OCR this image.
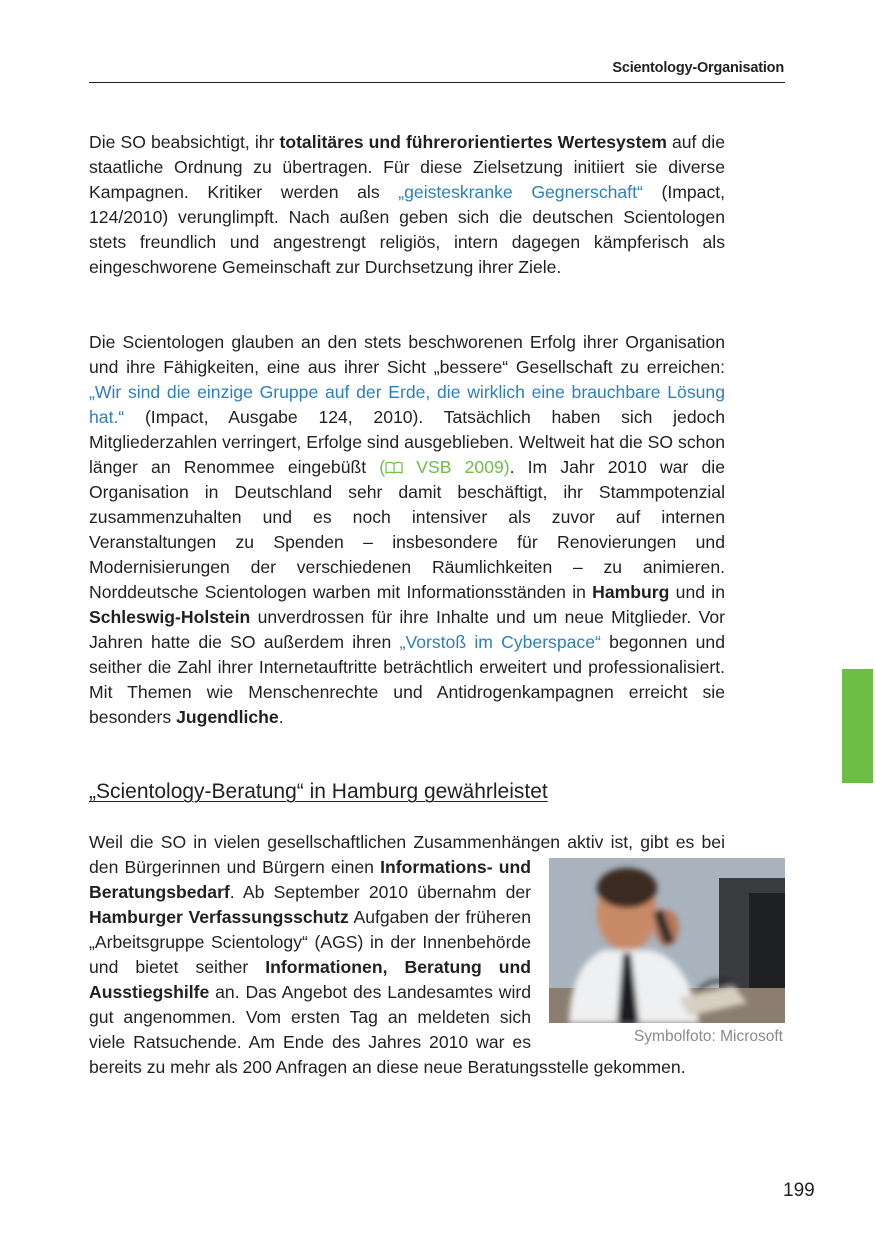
Scientology-Organisation

Die SO beabsichtigt, ihr totalitäres und führerorientiertes Wertesystem auf die staatliche Ordnung zu übertragen. Für diese Zielsetzung initiiert sie diverse Kampagnen. Kritiker werden als „geisteskranke Gegnerschaft“ (Impact, 124/2010) verunglimpft. Nach außen geben sich die deutschen Scientologen stets freundlich und angestrengt religiös, intern dagegen kämpferisch als eingeschworene Gemeinschaft zur Durchsetzung ihrer Ziele.

Die Scientologen glauben an den stets beschworenen Erfolg ihrer Organisation und ihre Fähigkeiten, eine aus ihrer Sicht „bessere“ Gesellschaft zu erreichen: „Wir sind die einzige Gruppe auf der Erde, die wirklich eine brauchbare Lösung hat.“ (Impact, Ausgabe 124, 2010). Tatsächlich haben sich jedoch Mitgliederzahlen verringert, Erfolge sind ausgeblieben. Weltweit hat die SO schon länger an Renommee eingebüßt ( VSB 2009). Im Jahr 2010 war die Organisation in Deutschland sehr damit beschäftigt, ihr Stammpotenzial zusammenzuhalten und es noch intensiver als zuvor auf internen Veranstaltungen zu Spenden – insbesondere für Renovierungen und Modernisierungen der verschiedenen Räumlichkeiten – zu animieren. Norddeutsche Scientologen warben mit Informationsständen in Hamburg und in Schleswig-Holstein unverdrossen für ihre Inhalte und um neue Mitglieder. Vor Jahren hatte die SO außerdem ihren „Vorstoß im Cyberspace“ begonnen und seither die Zahl ihrer Internetauftritte beträchtlich erweitert und professionalisiert. Mit Themen wie Menschenrechte und Antidrogenkampagnen erreicht sie besonders Jugendliche.

„Scientology-Beratung“ in Hamburg gewährleistet
Weil die SO in vielen gesellschaftlichen Zusammenhängen aktiv ist, gibt es bei den Bürgerinnen und Bürgern einen
Symbolfoto: Microsoft
Informations- und Beratungsbedarf. Ab September 2010 übernahm der Hamburger Verfassungsschutz Aufgaben der früheren „Arbeitsgruppe Scientology“ (AGS) in der Innenbehörde und bietet seither Informationen, Beratung und Ausstiegshilfe an. Das Angebot des Landesamtes wird gut angenommen. Vom ersten Tag an meldeten sich viele Ratsuchende. Am Ende des Jahres 2010 war es bereits zu mehr als 200 Anfragen an diese neue Beratungsstelle gekommen.
199
